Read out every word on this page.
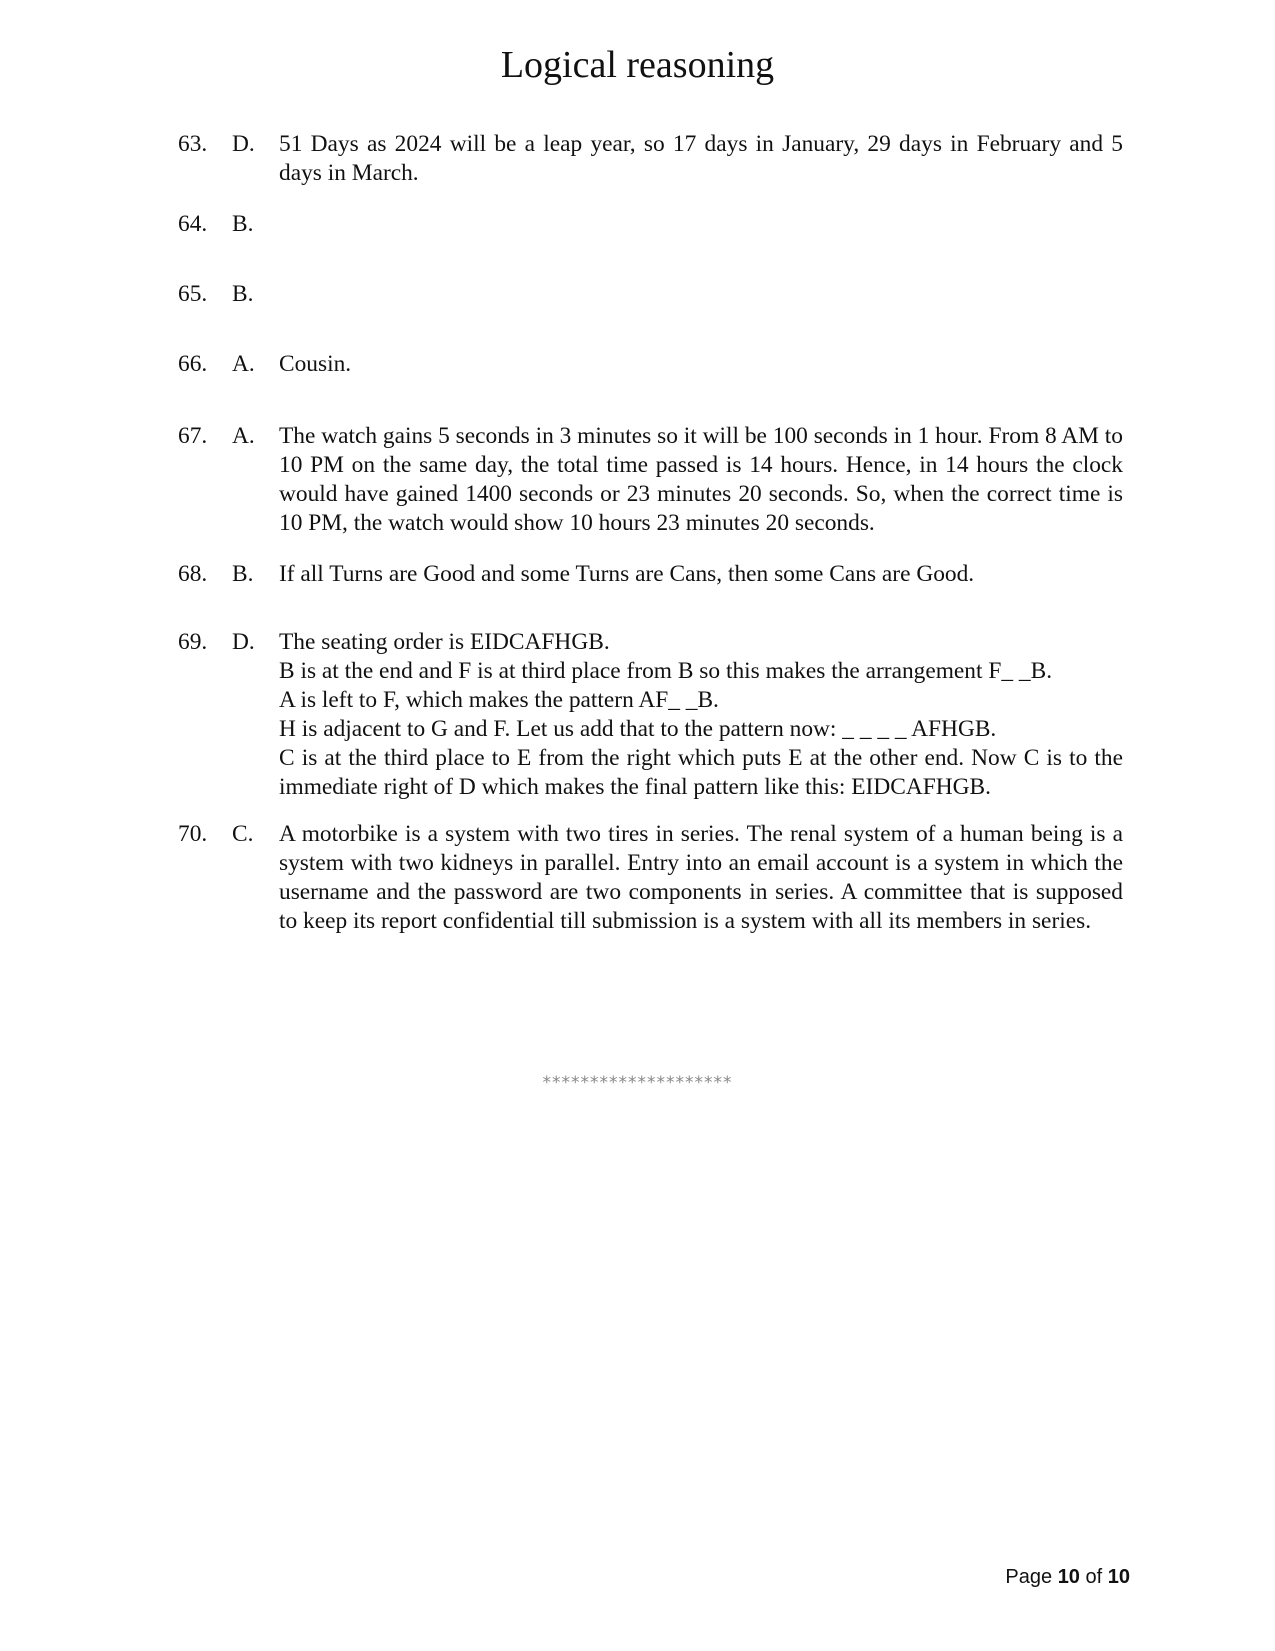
Logical reasoning
63.	D.	51 Days as 2024 will be a leap year, so 17 days in January, 29 days in February and 5 days in March.
64.	B.
65.	B.
66.	A.	Cousin.
67.	A.	The watch gains 5 seconds in 3 minutes so it will be 100 seconds in 1 hour. From 8 AM to 10 PM on the same day, the total time passed is 14 hours. Hence, in 14 hours the clock would have gained 1400 seconds or 23 minutes 20 seconds. So, when the correct time is 10 PM, the watch would show 10 hours 23 minutes 20 seconds.
68.	B.	If all Turns are Good and some Turns are Cans, then some Cans are Good.
69.	D.	The seating order is EIDCAFHGB.
B is at the end and F is at third place from B so this makes the arrangement F_ _B.
A is left to F, which makes the pattern AF_ _B.
H is adjacent to G and F. Let us add that to the pattern now: _ _ _ _ AFHGB.
C is at the third place to E from the right which puts E at the other end. Now C is to the immediate right of D which makes the final pattern like this: EIDCAFHGB.
70.	C.	A motorbike is a system with two tires in series. The renal system of a human being is a system with two kidneys in parallel. Entry into an email account is a system in which the username and the password are two components in series. A committee that is supposed to keep its report confidential till submission is a system with all its members in series.
********************
Page 10 of 10
